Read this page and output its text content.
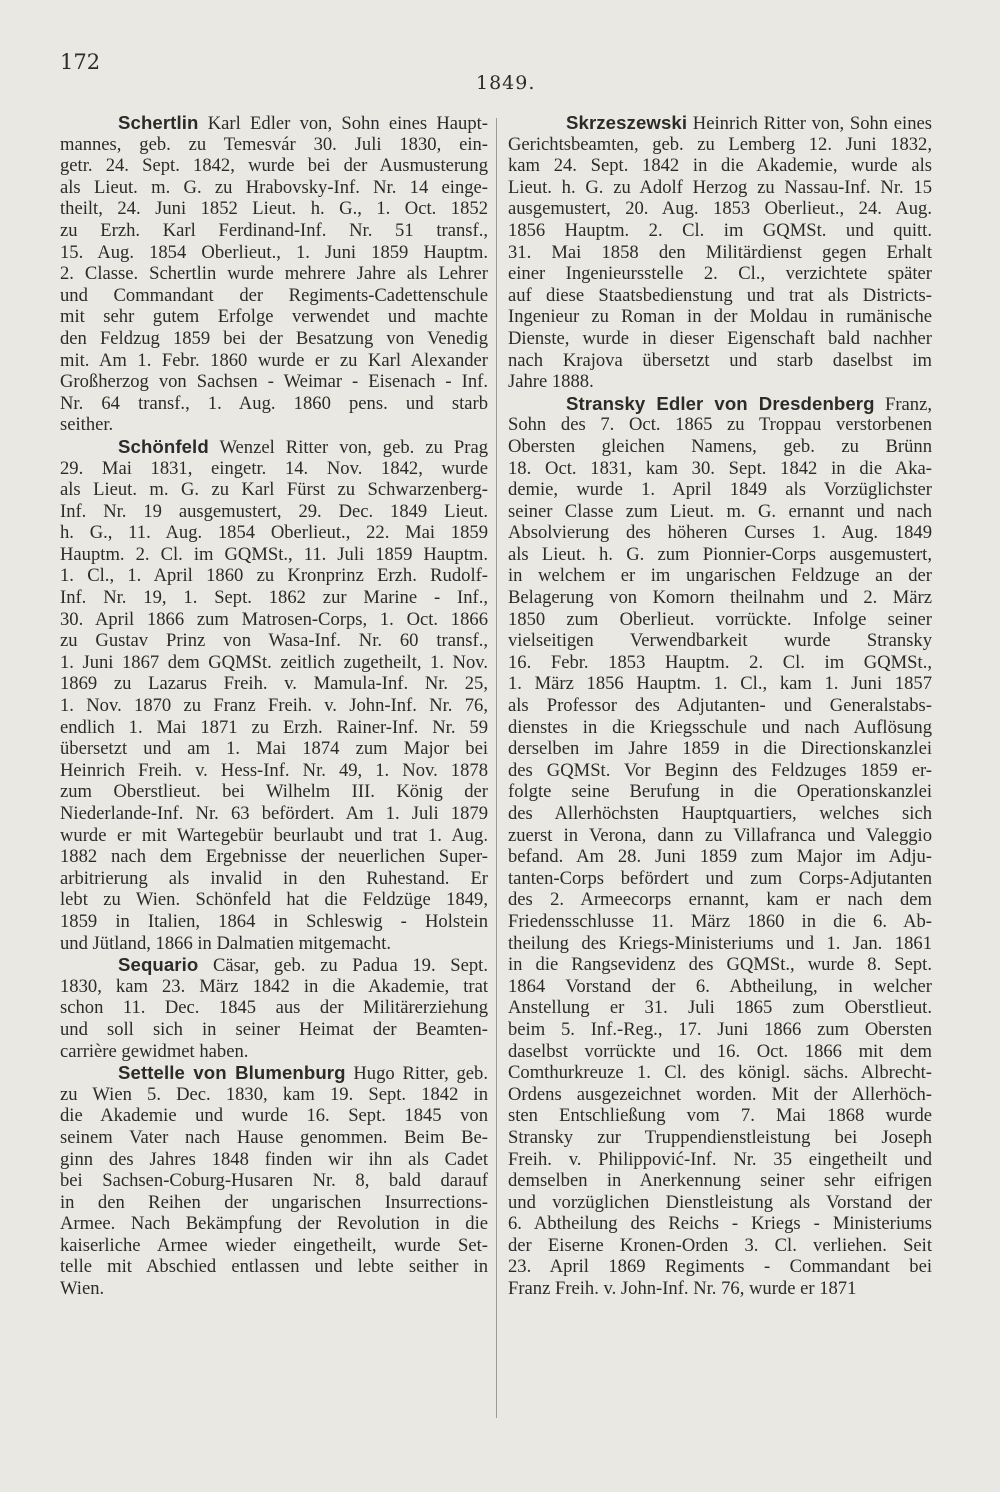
172
1849.
Schertlin Karl Edler von, Sohn eines Haupt-
mannes, geb. zu Temesvár 30. Juli 1830, ein-
getr. 24. Sept. 1842, wurde bei der Ausmusterung
als Lieut. m. G. zu Hrabovsky-Inf. Nr. 14 einge-
theilt, 24. Juni 1852 Lieut. h. G., 1. Oct. 1852
zu Erzh. Karl Ferdinand-Inf. Nr. 51 transf.,
15. Aug. 1854 Oberlieut., 1. Juni 1859 Hauptm.
2. Classe. Schertlin wurde mehrere Jahre als Lehrer
und Commandant der Regiments-Cadettenschule
mit sehr gutem Erfolge verwendet und machte
den Feldzug 1859 bei der Besatzung von Venedig
mit. Am 1. Febr. 1860 wurde er zu Karl Alexander
Großherzog von Sachsen - Weimar - Eisenach - Inf.
Nr. 64 transf., 1. Aug. 1860 pens. und starb
seither.
Schönfeld Wenzel Ritter von, geb. zu Prag
29. Mai 1831, eingetr. 14. Nov. 1842, wurde
als Lieut. m. G. zu Karl Fürst zu Schwarzenberg-
Inf. Nr. 19 ausgemustert, 29. Dec. 1849 Lieut.
h. G., 11. Aug. 1854 Oberlieut., 22. Mai 1859
Hauptm. 2. Cl. im GQMSt., 11. Juli 1859 Hauptm.
1. Cl., 1. April 1860 zu Kronprinz Erzh. Rudolf-
Inf. Nr. 19, 1. Sept. 1862 zur Marine - Inf.,
30. April 1866 zum Matrosen-Corps, 1. Oct. 1866
zu Gustav Prinz von Wasa-Inf. Nr. 60 transf.,
1. Juni 1867 dem GQMSt. zeitlich zugetheilt, 1. Nov.
1869 zu Lazarus Freih. v. Mamula-Inf. Nr. 25,
1. Nov. 1870 zu Franz Freih. v. John-Inf. Nr. 76,
endlich 1. Mai 1871 zu Erzh. Rainer-Inf. Nr. 59
übersetzt und am 1. Mai 1874 zum Major bei
Heinrich Freih. v. Hess-Inf. Nr. 49, 1. Nov. 1878
zum Oberstlieut. bei Wilhelm III. König der
Niederlande-Inf. Nr. 63 befördert. Am 1. Juli 1879
wurde er mit Wartegebür beurlaubt und trat 1. Aug.
1882 nach dem Ergebnisse der neuerlichen Super-
arbitrierung als invalid in den Ruhestand. Er
lebt zu Wien. Schönfeld hat die Feldzüge 1849,
1859 in Italien, 1864 in Schleswig - Holstein
und Jütland, 1866 in Dalmatien mitgemacht.
Sequario Cäsar, geb. zu Padua 19. Sept.
1830, kam 23. März 1842 in die Akademie, trat
schon 11. Dec. 1845 aus der Militärerziehung
und soll sich in seiner Heimat der Beamten-
carrière gewidmet haben.
Settelle von Blumenburg Hugo Ritter, geb.
zu Wien 5. Dec. 1830, kam 19. Sept. 1842 in
die Akademie und wurde 16. Sept. 1845 von
seinem Vater nach Hause genommen. Beim Be-
ginn des Jahres 1848 finden wir ihn als Cadet
bei Sachsen-Coburg-Husaren Nr. 8, bald darauf
in den Reihen der ungarischen Insurrections-
Armee. Nach Bekämpfung der Revolution in die
kaiserliche Armee wieder eingetheilt, wurde Set-
telle mit Abschied entlassen und lebte seither in
Wien.
Skrzeszewski Heinrich Ritter von, Sohn eines
Gerichtsbeamten, geb. zu Lemberg 12. Juni 1832,
kam 24. Sept. 1842 in die Akademie, wurde als
Lieut. h. G. zu Adolf Herzog zu Nassau-Inf. Nr. 15
ausgemustert, 20. Aug. 1853 Oberlieut., 24. Aug.
1856 Hauptm. 2. Cl. im GQMSt. und quitt.
31. Mai 1858 den Militärdienst gegen Erhalt
einer Ingenieursstelle 2. Cl., verzichtete später
auf diese Staatsbedienstung und trat als Districts-
Ingenieur zu Roman in der Moldau in rumänische
Dienste, wurde in dieser Eigenschaft bald nachher
nach Krajova übersetzt und starb daselbst im
Jahre 1888.
Stransky Edler von Dresdenberg Franz,
Sohn des 7. Oct. 1865 zu Troppau verstorbenen
Obersten gleichen Namens, geb. zu Brünn
18. Oct. 1831, kam 30. Sept. 1842 in die Aka-
demie, wurde 1. April 1849 als Vorzüglichster
seiner Classe zum Lieut. m. G. ernannt und nach
Absolvierung des höheren Curses 1. Aug. 1849
als Lieut. h. G. zum Pionnier-Corps ausgemustert,
in welchem er im ungarischen Feldzuge an der
Belagerung von Komorn theilnahm und 2. März
1850 zum Oberlieut. vorrückte. Infolge seiner
vielseitigen Verwendbarkeit wurde Stransky
16. Febr. 1853 Hauptm. 2. Cl. im GQMSt.,
1. März 1856 Hauptm. 1. Cl., kam 1. Juni 1857
als Professor des Adjutanten- und Generalstabs-
dienstes in die Kriegsschule und nach Auflösung
derselben im Jahre 1859 in die Directionskanzlei
des GQMSt. Vor Beginn des Feldzuges 1859 er-
folgte seine Berufung in die Operationskanzlei
des Allerhöchsten Hauptquartiers, welches sich
zuerst in Verona, dann zu Villafranca und Valeggio
befand. Am 28. Juni 1859 zum Major im Adju-
tanten-Corps befördert und zum Corps-Adjutanten
des 2. Armeecorps ernannt, kam er nach dem
Friedensschlusse 11. März 1860 in die 6. Ab-
theilung des Kriegs-Ministeriums und 1. Jan. 1861
in die Rangsevidenz des GQMSt., wurde 8. Sept.
1864 Vorstand der 6. Abtheilung, in welcher
Anstellung er 31. Juli 1865 zum Oberstlieut.
beim 5. Inf.-Reg., 17. Juni 1866 zum Obersten
daselbst vorrückte und 16. Oct. 1866 mit dem
Comthurkreuze 1. Cl. des königl. sächs. Albrecht-
Ordens ausgezeichnet worden. Mit der Allerhöch-
sten Entschließung vom 7. Mai 1868 wurde
Stransky zur Truppendienstleistung bei Joseph
Freih. v. Philippović-Inf. Nr. 35 eingetheilt und
demselben in Anerkennung seiner sehr eifrigen
und vorzüglichen Dienstleistung als Vorstand der
6. Abtheilung des Reichs - Kriegs - Ministeriums
der Eiserne Kronen-Orden 3. Cl. verliehen. Seit
23. April 1869 Regiments - Commandant bei
Franz Freih. v. John-Inf. Nr. 76, wurde er 1871
